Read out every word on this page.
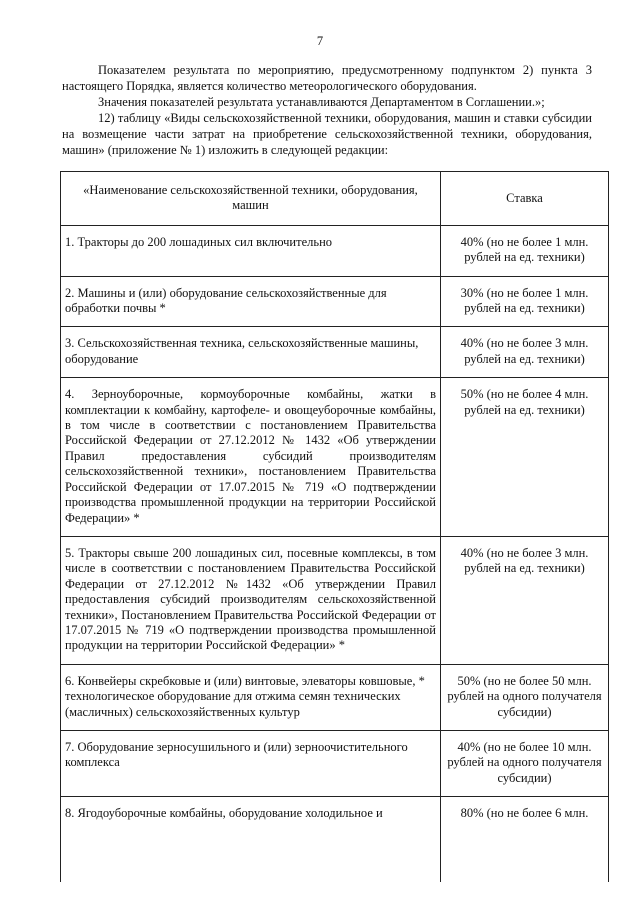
7

Показателем результата по мероприятию, предусмотренному подпунктом 2) пункта 3 настоящего Порядка, является количество метеорологического оборудования.

Значения показателей результата устанавливаются Департаментом в Соглашении.»;

12) таблицу «Виды сельскохозяйственной техники, оборудования, машин и ставки субсидии на возмещение части затрат на приобретение сельскохозяйственной техники, оборудования, машин» (приложение № 1) изложить в следующей редакции:

«Наименование сельскохозяйственной техники, оборудования, машин	Ставка
1. Тракторы до 200 лошадиных сил включительно	40% (но не более 1 млн. рублей на ед. техники)
2. Машины и (или) оборудование сельскохозяйственные для обработки почвы *	30% (но не более 1 млн. рублей на ед. техники)
3. Сельскохозяйственная техника, сельскохозяйственные машины, оборудование	40% (но не более 3 млн. рублей на ед. техники)
4. Зерноуборочные, кормоуборочные комбайны, жатки в комплектации к комбайну, картофеле- и овощеуборочные комбайны, в том числе в соответствии с постановлением Правительства Российской Федерации от 27.12.2012 № 1432 «Об утверждении Правил предоставления субсидий производителям сельскохозяйственной техники», постановлением Правительства Российской Федерации от 17.07.2015 № 719 «О подтверждении производства промышленной продукции на территории Российской Федерации» *	50% (но не более 4 млн. рублей на ед. техники)
5. Тракторы свыше 200 лошадиных сил, посевные комплексы, в том числе в соответствии с постановлением Правительства Российской Федерации от 27.12.2012 №1432 «Об утверждении Правил предоставления субсидий производителям сельскохозяйственной техники», Постановлением Правительства Российской Федерации от 17.07.2015 № 719 «О подтверждении производства промышленной продукции на территории Российской Федерации» *	40% (но не более 3 млн. рублей на ед. техники)
6. Конвейеры скребковые и (или) винтовые, элеваторы ковшовые, * технологическое оборудование для отжима семян технических (масличных) сельскохозяйственных культур	50% (но не более 50 млн. рублей на одного получателя субсидии)
7. Оборудование зерносушильного и (или) зерноочистительного комплекса	40% (но не более 10 млн. рублей на одного получателя субсидии)
8. Ягодоуборочные комбайны, оборудование холодильное и	80% (но не более 6 млн.
